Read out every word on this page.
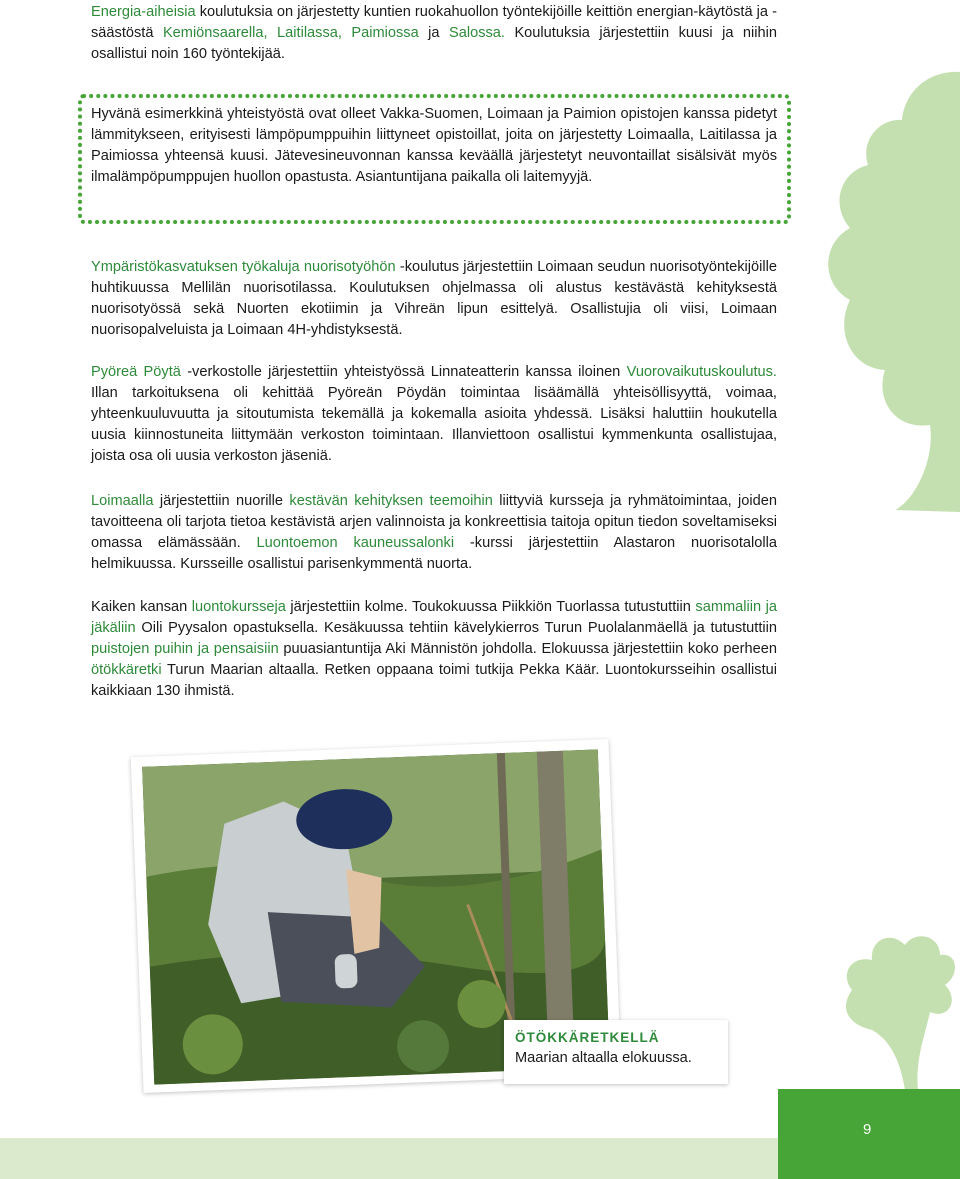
Energia-aiheisia koulutuksia on järjestetty kuntien ruokahuollon työntekijöille keittiön energian-käytöstä ja -säästöstä Kemiönsaarella, Laitilassa, Paimiossa ja Salossa. Koulutuksia järjestettiin kuusi ja niihin osallistui noin 160 työntekijää.

Hyvänä esimerkkinä yhteistyöstä ovat olleet Vakka-Suomen, Loimaan ja Paimion opistojen kanssa pidetyt lämmitykseen, erityisesti lämpöpumppuihin liittyneet opistoillat, joita on järjestetty Loimaalla, Laitilassa ja Paimiossa yhteensä kuusi. Jätevesineuvonnan kanssa keväällä järjestetyt neuvontaillat sisälsivät myös ilmalämpöpumppujen huollon opastusta. Asiantuntijana paikalla oli laitemyyjä.

Ympäristökasvatuksen työkaluja nuorisotyöhön -koulutus järjestettiin Loimaan seudun nuorisotyöntekijöille huhtikuussa Mellilän nuorisotilassa. Koulutuksen ohjelmassa oli alustus kestävästä kehityksestä nuorisotyössä sekä Nuorten ekotiimin ja Vihreän lipun esittelyä. Osallistujia oli viisi, Loimaan nuorisopalveluista ja Loimaan 4H-yhdistyksestä.

Pyöreä Pöytä -verkostolle järjestettiin yhteistyössä Linnateatterin kanssa iloinen Vuorovaikutuskoulutus. Illan tarkoituksena oli kehittää Pyöreän Pöydän toimintaa lisäämällä yhteisöllisyyttä, voimaa, yhteenkuuluvuutta ja sitoutumista tekemällä ja kokemalla asioita yhdessä. Lisäksi haluttiin houkutella uusia kiinnostuneita liittymään verkoston toimintaan. Illanviettoon osallistui kymmenkunta osallistujaa, joista osa oli uusia verkoston jäseniä.

Loimaalla järjestettiin nuorille kestävän kehityksen teemoihin liittyviä kursseja ja ryhmätoimintaa, joiden tavoitteena oli tarjota tietoa kestävistä arjen valinnoista ja konkreettisia taitoja opitun tiedon soveltamiseksi omassa elämässään. Luontoemon kauneussalonki -kurssi järjestettiin Alastaron nuorisotalolla helmikuussa. Kursseille osallistui parisenkymmentä nuorta.

Kaiken kansan luontokursseja järjestettiin kolme. Toukokuussa Piikkiön Tuorlassa tutustuttiin sammaliin ja jäkäliin Oili Pyysalon opastuksella. Kesäkuussa tehtiin kävelykierros Turun Puolalanmäellä ja tutustuttiin puistojen puihin ja pensaisiin puuasiantuntija Aki Männistön johdolla. Elokuussa järjestettiin koko perheen ötökkäretki Turun Maarian altaalla. Retken oppaana toimi tutkija Pekka Käär. Luontokursseihin osallistui kaikkiaan 130 ihmistä.

ÖTÖKKÄRETKELLÄ
Maarian altaalla elokuussa.
9
